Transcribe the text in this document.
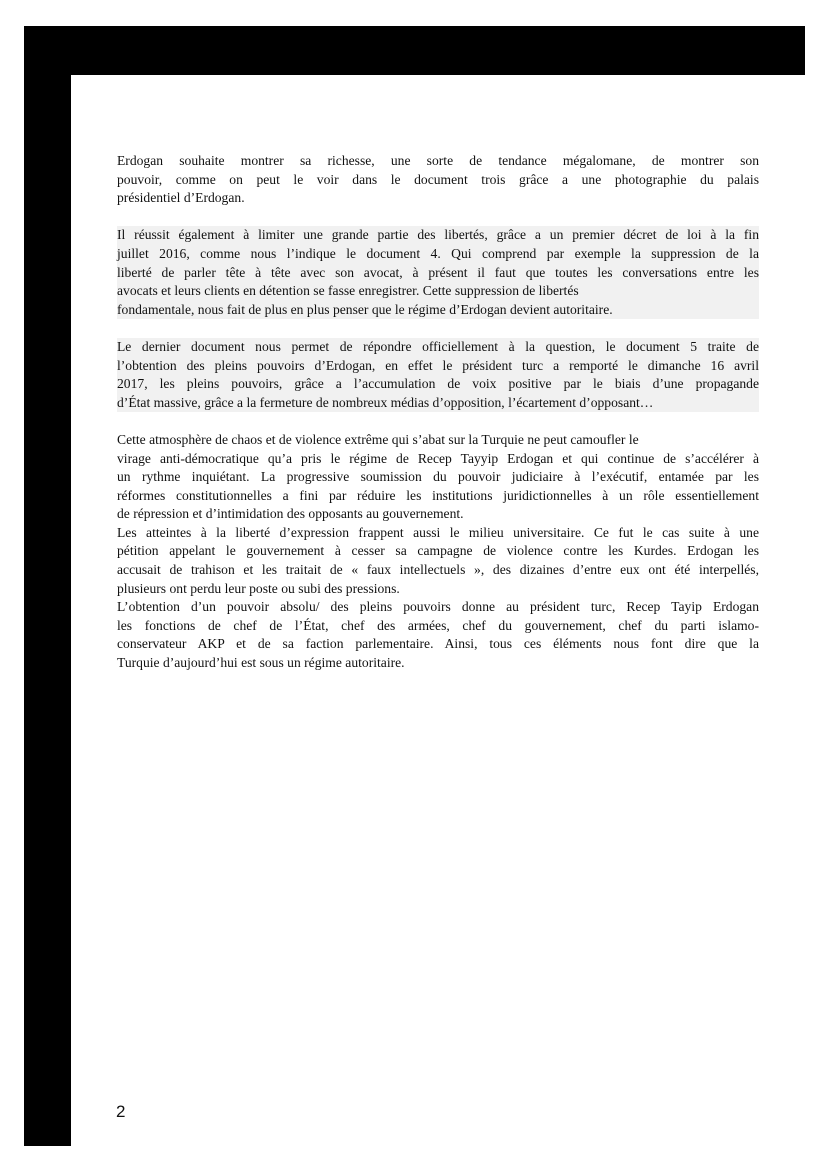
Erdogan souhaite montrer sa richesse, une sorte de tendance mégalomane, de montrer son
pouvoir, comme on peut le voir dans le document trois grâce a une photographie du palais
présidentiel d’Erdogan.

Il réussit également à limiter une grande partie des libertés, grâce a un premier décret de loi à la fin
juillet 2016, comme nous l’indique le document 4. Qui comprend par exemple la suppression de la
liberté de parler tête à tête avec son avocat, à présent il faut que toutes les conversations entre les
avocats et leurs clients en détention se fasse enregistrer. Cette suppression de libertés
fondamentale, nous fait de plus en plus penser que le régime d’Erdogan devient autoritaire.

Le dernier document nous permet de répondre officiellement à la question, le document 5 traite de
l’obtention des pleins pouvoirs d’Erdogan, en effet le président turc a remporté le dimanche 16 avril
2017, les pleins pouvoirs, grâce a l’accumulation de voix positive par le biais d’une propagande
d’État massive, grâce a la fermeture de nombreux médias d’opposition, l’écartement d’opposant…

Cette atmosphère de chaos et de violence extrême qui s’abat sur la Turquie ne peut camoufler le
virage anti-démocratique qu’a pris le régime de Recep Tayyip Erdogan et qui continue de s’accélérer à
un rythme inquiétant. La progressive soumission du pouvoir judiciaire à l’exécutif, entamée par les
réformes constitutionnelles a fini par réduire les institutions juridictionnelles à un rôle essentiellement
de répression et d’intimidation des opposants au gouvernement.

Les atteintes à la liberté d’expression frappent aussi le milieu universitaire. Ce fut le cas suite à une
pétition appelant le gouvernement à cesser sa campagne de violence contre les Kurdes. Erdogan les
accusait de trahison et les traitait de « faux intellectuels », des dizaines d’entre eux ont été interpellés,
plusieurs ont perdu leur poste ou subi des pressions.

L’obtention d’un pouvoir absolu/ des pleins pouvoirs donne au président turc, Recep Tayip Erdogan
les fonctions de chef de l’État, chef des armées, chef du gouvernement, chef du parti islamo-
conservateur AKP et de sa faction parlementaire. Ainsi, tous ces éléments nous font dire que la
Turquie d’aujourd’hui est sous un régime autoritaire.

2
